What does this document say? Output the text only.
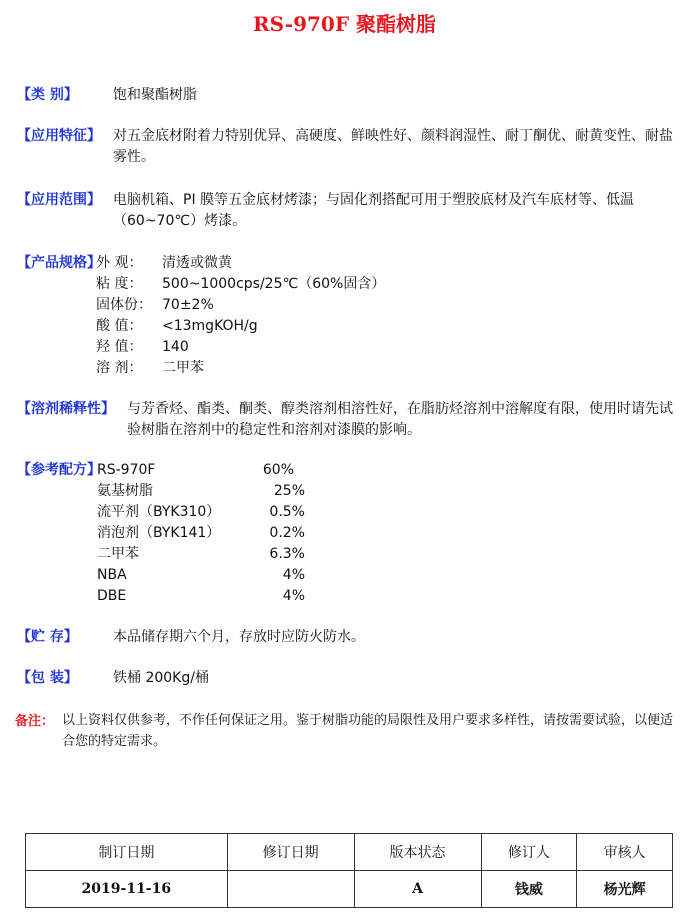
RS-970F 聚酯树脂
【类 别】	饱和聚酯树脂
【应用特征】 对五金底材附着力特别优异、高硬度、鲜映性好、颜料润湿性、耐丁酮优、耐黄变性、耐盐雾性。
【应用范围】 电脑机箱、PI 膜等五金底材烤漆；与固化剂搭配可用于塑胶底材及汽车底材等、低温（60~70℃）烤漆。
【产品规格】
外 观： 清透或微黄
粘 度： 500~1000cps/25℃（60%固含）
固体份： 70±2%
酸 值： <13mgKOH/g
羟 值： 140
溶 剂： 二甲苯
【溶剂稀释性】 与芳香烃、酯类、酮类、醇类溶剂相溶性好，在脂肪烃溶剂中溶解度有限，使用时请先试验树脂在溶剂中的稳定性和溶剂对漆膜的影响。
【参考配方】
RS-970F	60%
氨基树脂	25%
流平剂（BYK310）	0.5%
消泡剂（BYK141）	0.2%
二甲苯	6.3%
NBA	4%
DBE	4%
【贮 存】	本品储存期六个月，存放时应防火防水。
【包 装】	铁桶 200Kg/桶
备注： 以上资料仅供参考，不作任何保证之用。鉴于树脂功能的局限性及用户要求多样性，请按需要试验，以便适合您的特定需求。
制订日期	修订日期	版本状态	修订人	审核人
2019-11-16		A	钱威	杨光辉
